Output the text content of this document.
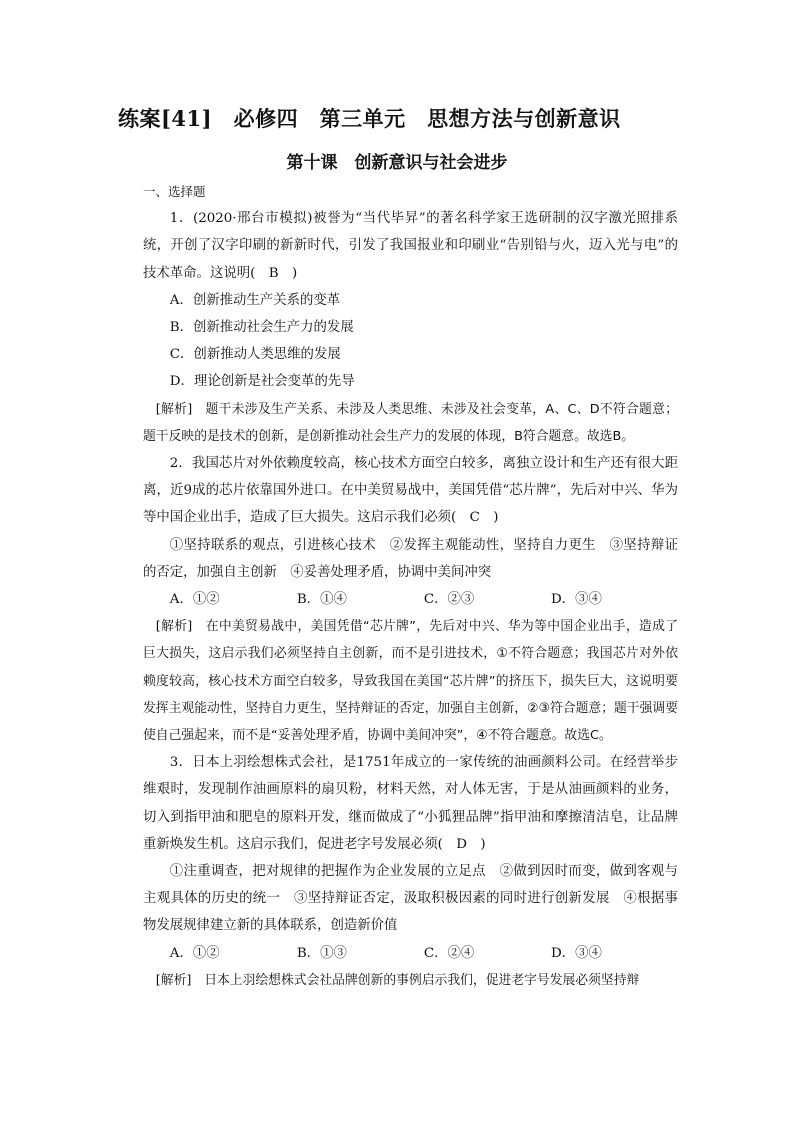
练案[41]　必修四　第三单元　思想方法与创新意识
第十课　创新意识与社会进步

一、选择题

1．(2020·邢台市模拟)被誉为“当代毕昇”的著名科学家王选研制的汉字激光照排系统，开创了汉字印刷的新新时代，引发了我国报业和印刷业“告别铅与火，迈入光与电”的技术革命。这说明(　B　)

A．创新推动生产关系的变革

B．创新推动社会生产力的发展

C．创新推动人类思维的发展

D．理论创新是社会变革的先导

[解析]　 题干未涉及生产关系、未涉及人类思维、未涉及社会变革，A、C、D不符合题意；题干反映的是技术的创新，是创新推动社会生产力的发展的体现，B符合题意。故选B。

2．我国芯片对外依赖度较高，核心技术方面空白较多，离独立设计和生产还有很大距离，近9成的芯片依靠国外进口。在中美贸易战中，美国凭借“芯片牌”，先后对中兴、华为等中国企业出手，造成了巨大损失。这启示我们必须(　C　)

①坚持联系的观点，引进核心技术　②发挥主观能动性，坚持自力更生　③坚持辩证的否定，加强自主创新　④妥善处理矛盾，协调中美间冲突

A．①②	B．①④	C．②③	D．③④

[解析]　 在中美贸易战中，美国凭借“芯片牌”，先后对中兴、华为等中国企业出手，造成了巨大损失，这启示我们必须坚持自主创新，而不是引进技术，①不符合题意；我国芯片对外依赖度较高，核心技术方面空白较多，导致我国在美国“芯片牌”的挤压下，损失巨大，这说明要发挥主观能动性，坚持自力更生，坚持辩证的否定，加强自主创新，②③符合题意；题干强调要使自己强起来，而不是“妥善处理矛盾，协调中美间冲突”，④不符合题意。故选C。

3．日本上羽绘想株式会社，是1751年成立的一家传统的油画颜料公司。在经营举步维艰时，发现制作油画原料的扇贝粉，材料天然，对人体无害，于是从油画颜料的业务，切入到指甲油和肥皂的原料开发，继而做成了“小狐狸品牌”指甲油和摩擦清洁皂，让品牌重新焕发生机。这启示我们，促进老字号发展必须(　D　)

①注重调查，把对规律的把握作为企业发展的立足点　②做到因时而变，做到客观与主观具体的历史的统一　③坚持辩证否定，汲取积极因素的同时进行创新发展　④根据事物发展规律建立新的具体联系，创造新价值

A．①②	B．①③	C．②④	D．③④

[解析]　 日本上羽绘想株式会社品牌创新的事例启示我们，促进老字号发展必须坚持辩
